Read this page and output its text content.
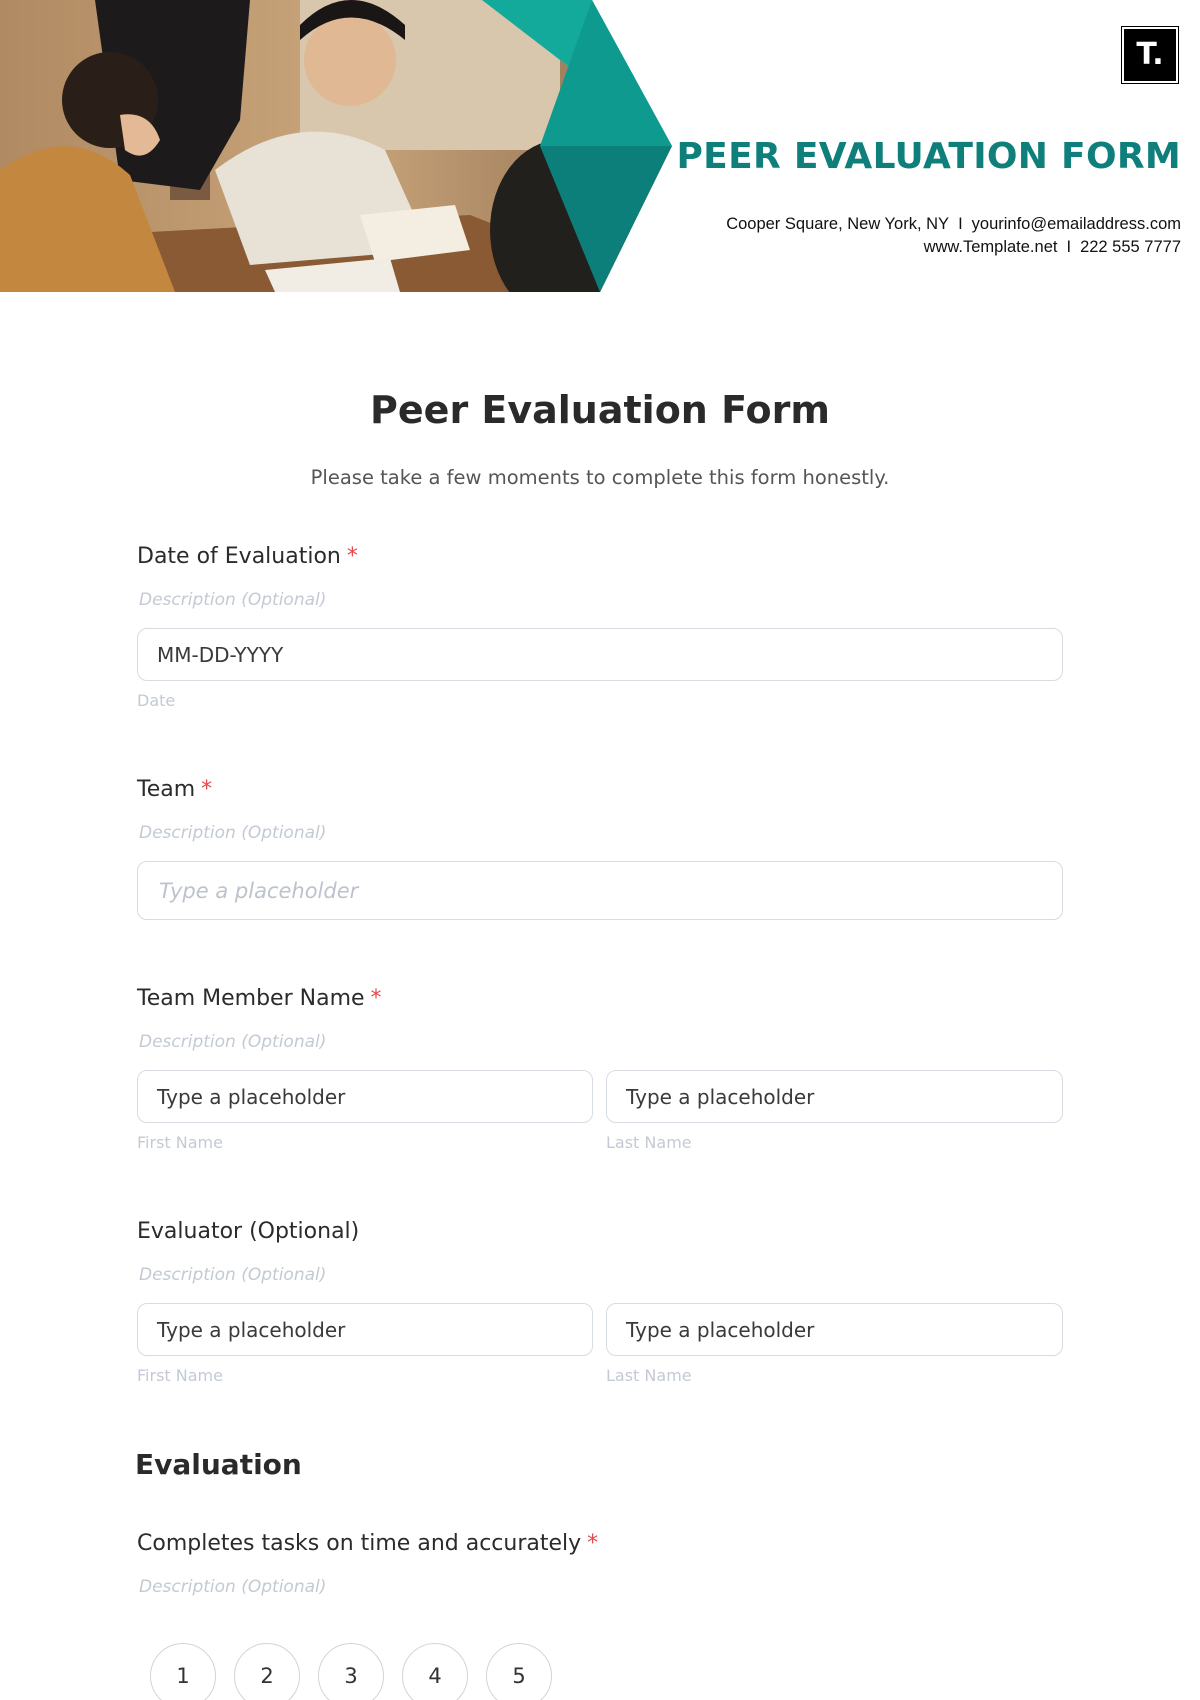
T.
PEER EVALUATION FORM
Cooper Square, New York, NY I yourinfo@emailaddress.com
www.Template.net I 222 555 7777
Peer Evaluation Form

Please take a few moments to complete this form honestly.

Date of Evaluation *
Description (Optional)
MM-DD-YYYY
Date
Team *
Description (Optional)
Type a placeholder
Team Member Name *
Description (Optional)
Type a placeholder	Type a placeholder
First Name	Last Name
Evaluator (Optional)
Description (Optional)
Type a placeholder	Type a placeholder
First Name	Last Name
Evaluation
Completes tasks on time and accurately *
Description (Optional)
1	2	3	4	5
